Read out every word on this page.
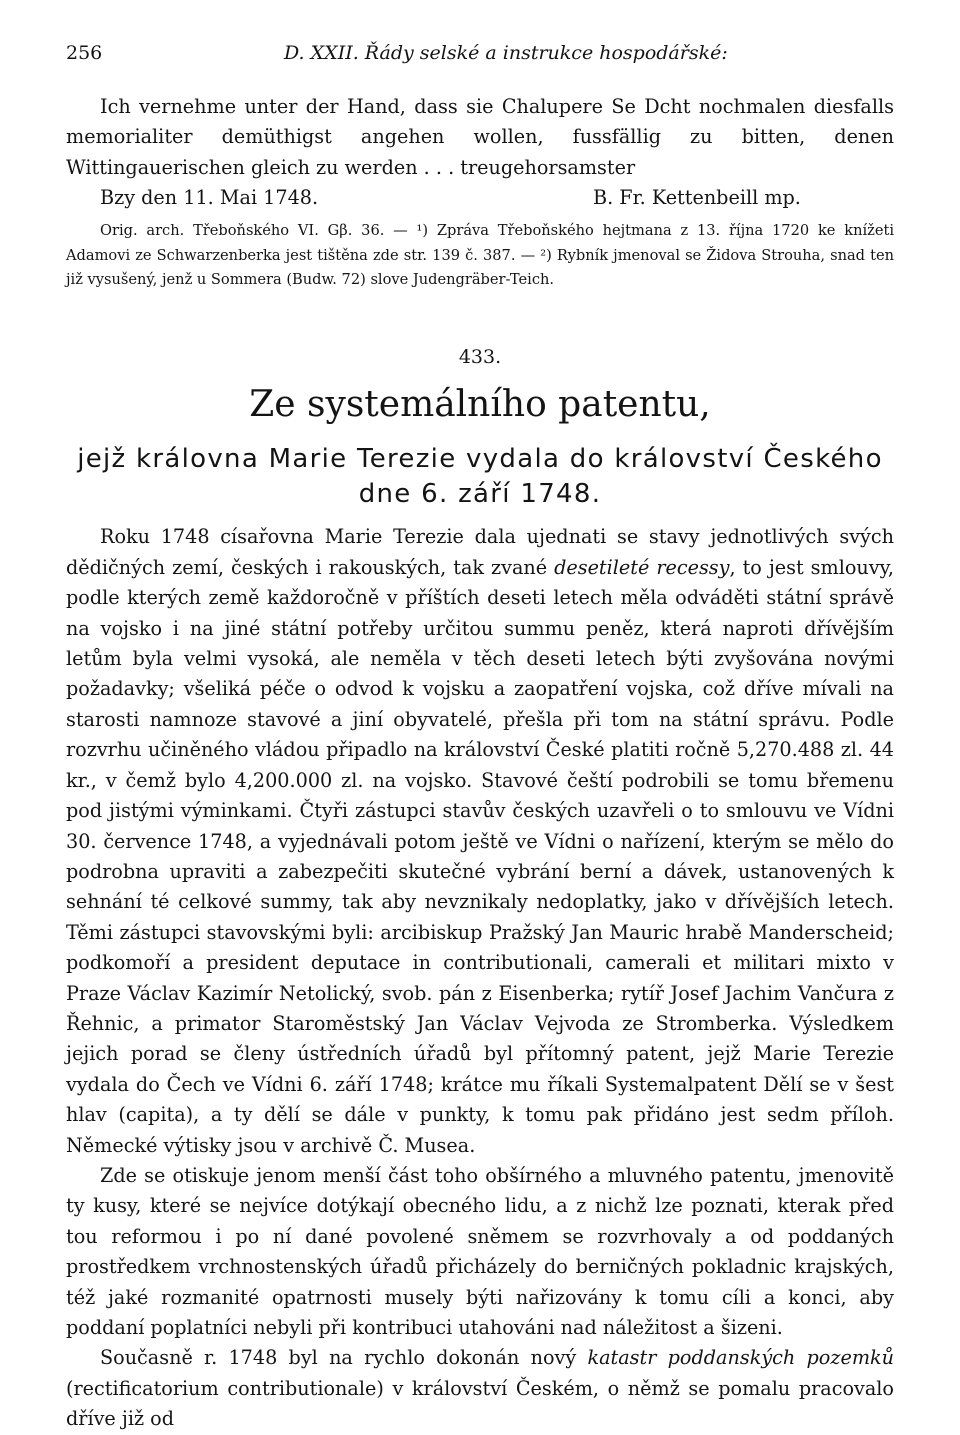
256	D. XXII. Řády selské a instrukce hospodářské:

Ich vernehme unter der Hand, dass sie Chalupere Se Dcht nochmalen diesfalls memorialiter demüthigst angehen wollen, fussfällig zu bitten, denen Wittingauerischen gleich zu werden . . . treugehorsamster

Bzy den 11. Mai 1748.	B. Fr. Kettenbeill mp.

Orig. arch. Třeboňského VI. Gβ. 36. — ¹) Zpráva Třeboňského hejtmana z 13. října 1720 ke knížeti Adamovi ze Schwarzenberka jest tištěna zde str. 139 č. 387. — ²) Rybník jmenoval se Židova Strouha, snad ten již vysušený, jenž u Sommera (Budw. 72) slove Judengräber-Teich.

433.
Ze systemálního patentu,
jejž královna Marie Terezie vydala do království Českého
dne 6. září 1748.

Roku 1748 císařovna Marie Terezie dala ujednati se stavy jednotlivých svých dědičných zemí, českých i rakouských, tak zvané desetileté recessy, to jest smlouvy, podle kterých země každoročně v příštích deseti letech měla odváděti státní správě na vojsko i na jiné státní potřeby určitou summu peněz, která naproti dřívějším letům byla velmi vysoká, ale neměla v těch deseti letech býti zvyšována novými požadavky; všeliká péče o odvod k vojsku a zaopatření vojska, což dříve mívali na starosti namnoze stavové a jiní obyvatelé, přešla při tom na státní správu. Podle rozvrhu učiněného vládou připadlo na království České platiti ročně 5,270.488 zl. 44 kr., v čemž bylo 4,200.000 zl. na vojsko. Stavové čeští podrobili se tomu břemenu pod jistými výminkami. Čtyři zástupci stavův českých uzavřeli o to smlouvu ve Vídni 30. července 1748, a vyjednávali potom ještě ve Vídni o nařízení, kterým se mělo do podrobna upraviti a zabezpečiti skutečné vybrání berní a dávek, ustanovených k sehnání té celkové summy, tak aby nevznikaly nedoplatky, jako v dřívějších letech. Těmi zástupci stavovskými byli: arcibiskup Pražský Jan Mauric hrabě Manderscheid; podkomoří a president deputace in contributionali, camerali et militari mixto v Praze Václav Kazimír Netolický, svob. pán z Eisenberka; rytíř Josef Jachim Vančura z Řehnic, a primator Staroměstský Jan Václav Vejvoda ze Stromberka. Výsledkem jejich porad se členy ústředních úřadů byl přítomný patent, jejž Marie Terezie vydala do Čech ve Vídni 6. září 1748; krátce mu říkali Systemalpatent Dělí se v šest hlav (capita), a ty dělí se dále v punkty, k tomu pak přidáno jest sedm příloh. Německé výtisky jsou v archivě Č. Musea.

Zde se otiskuje jenom menší část toho obšírného a mluvného patentu, jmenovitě ty kusy, které se nejvíce dotýkají obecného lidu, a z nichž lze poznati, kterak před tou reformou i po ní dané povolené sněmem se rozvrhovaly a od poddaných prostředkem vrchnostenských úřadů přicházely do berničných pokladnic krajských, též jaké rozmanité opatrnosti musely býti nařizovány k tomu cíli a konci, aby poddaní poplatníci nebyli při kontribuci utahováni nad náležitost a šizeni.

Současně r. 1748 byl na rychlo dokonán nový katastr poddanských pozemků (rectificatorium contributionale) v království Českém, o němž se pomalu pracovalo dříve již od
